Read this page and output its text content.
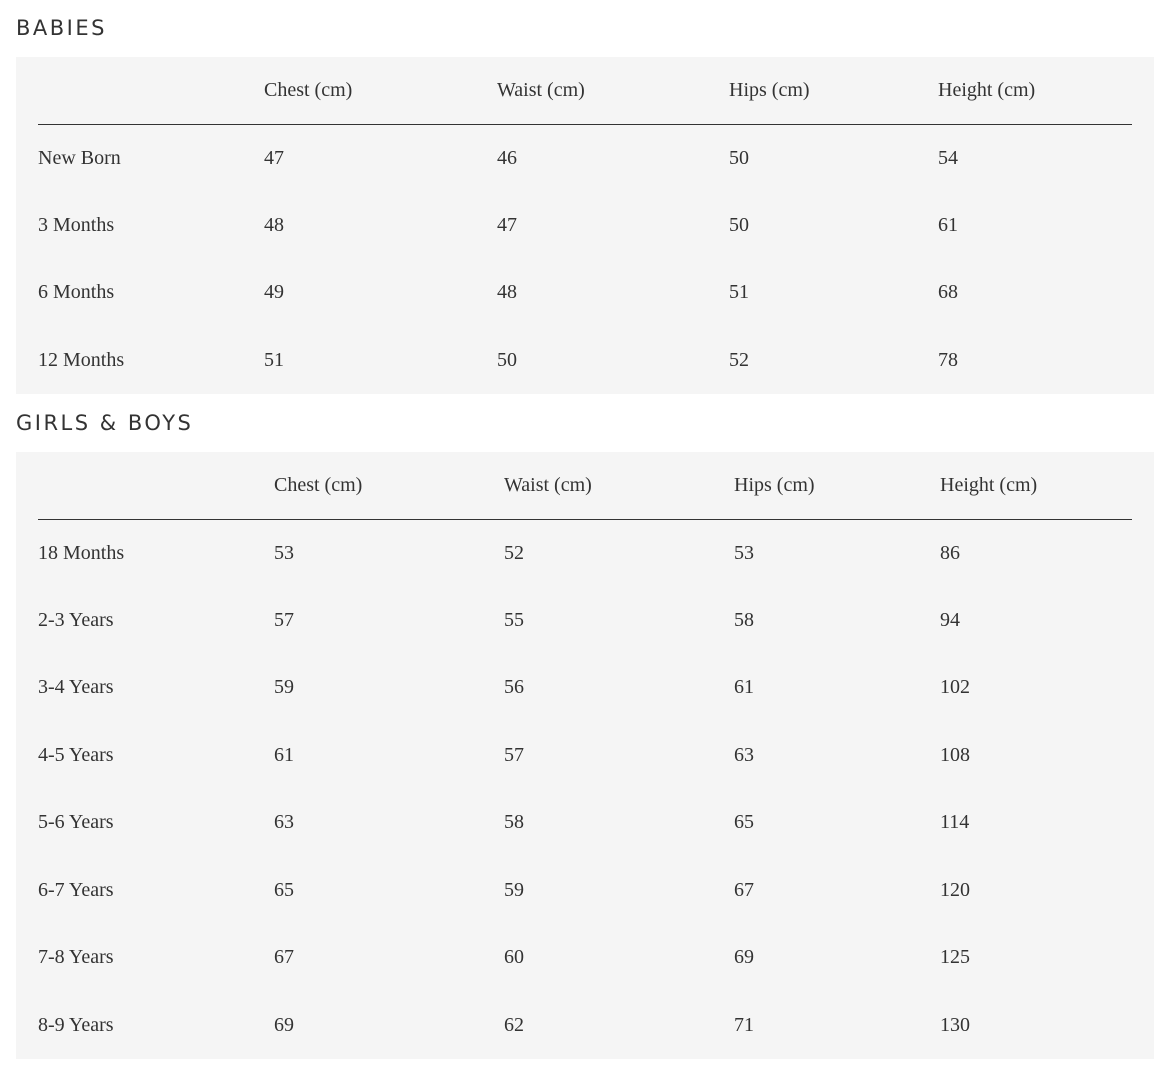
BABIES
	Chest (cm)	Waist (cm)	Hips (cm)	Height (cm)
New Born	47	46	50	54
3 Months	48	47	50	61
6 Months	49	48	51	68
12 Months	51	50	52	78
GIRLS & BOYS
	Chest (cm)	Waist (cm)	Hips (cm)	Height (cm)
18 Months	53	52	53	86
2-3 Years	57	55	58	94
3-4 Years	59	56	61	102
4-5 Years	61	57	63	108
5-6 Years	63	58	65	114
6-7 Years	65	59	67	120
7-8 Years	67	60	69	125
8-9 Years	69	62	71	130
